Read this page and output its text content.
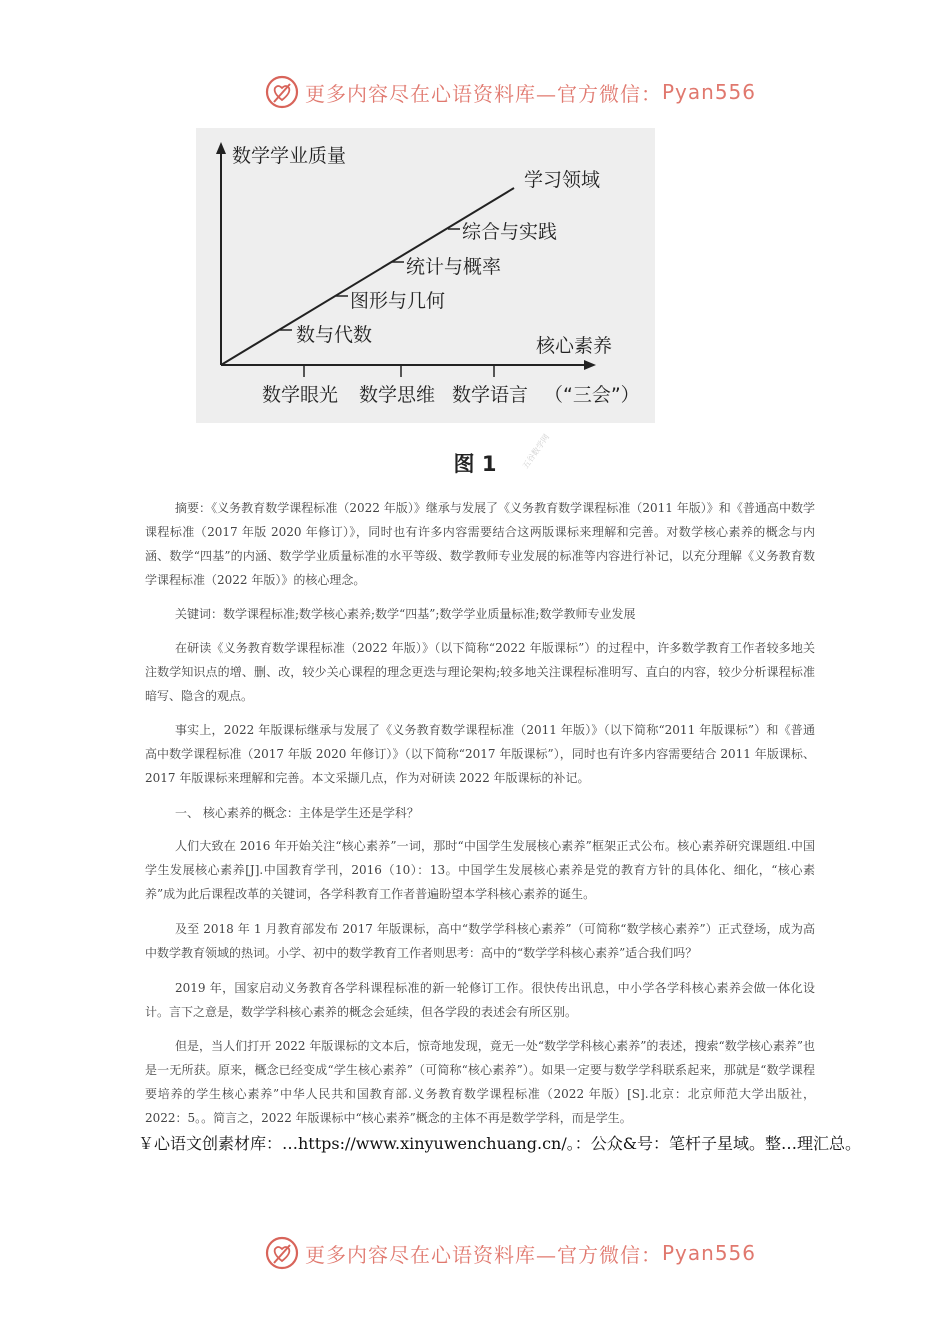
更多内容尽在心语资料库—官方微信： Pyan556
数学学业质量
学习领域
数与代数
图形与几何
统计与概率
综合与实践
核心素养
数学眼光 数学思维 数学语言 （“三会”）
图 1	五谷数学网

摘要：《义务教育数学课程标准（2022 年版）》继承与发展了《义务教育数学课程标准（2011 年版）》和《普通高中数学课程标准（2017 年版 2020 年修订）》，同时也有许多内容需要结合这两版课标来理解和完善。对数学核心素养的概念与内涵、数学“四基”的内涵、数学学业质量标准的水平等级、数学教师专业发展的标准等内容进行补记，以充分理解《义务教育数学课程标准（2022 年版）》的核心理念。

关键词：数学课程标准;数学核心素养;数学“四基”;数学学业质量标准;数学教师专业发展

在研读《义务教育数学课程标准（2022 年版）》（以下简称“2022 年版课标”）的过程中，许多数学教育工作者较多地关注数学知识点的增、删、改，较少关心课程的理念更迭与理论架构;较多地关注课程标准明写、直白的内容，较少分析课程标准暗写、隐含的观点。

事实上，2022 年版课标继承与发展了《义务教育数学课程标准（2011 年版）》（以下简称“2011 年版课标”）和《普通高中数学课程标准（2017 年版 2020 年修订）》（以下简称“2017 年版课标”），同时也有许多内容需要结合 2011 年版课标、2017 年版课标来理解和完善。本文采撷几点，作为对研读 2022 年版课标的补记。

一、 核心素养的概念：主体是学生还是学科？

人们大致在 2016 年开始关注“核心素养”一词，那时“中国学生发展核心素养”框架正式公布。核心素养研究课题组.中国学生发展核心素养[J].中国教育学刊，2016（10）：13。中国学生发展核心素养是党的教育方针的具体化、细化，“核心素养”成为此后课程改革的关键词，各学科教育工作者普遍盼望本学科核心素养的诞生。

及至 2018 年 1 月教育部发布 2017 年版课标，高中“数学学科核心素养”（可简称“数学核心素养”）正式登场，成为高中数学教育领域的热词。小学、初中的数学教育工作者则思考：高中的“数学学科核心素养”适合我们吗？

2019 年，国家启动义务教育各学科课程标准的新一轮修订工作。很快传出讯息，中小学各学科核心素养会做一体化设计。言下之意是，数学学科核心素养的概念会延续，但各学段的表述会有所区别。

但是，当人们打开 2022 年版课标的文本后，惊奇地发现，竟无一处“数学学科核心素养”的表述，搜索“数学核心素养”也是一无所获。原来，概念已经变成“学生核心素养”（可简称“核心素养”）。如果一定要与数学学科联系起来，那就是“数学课程要培养的学生核心素养”中华人民共和国教育部.义务教育数学课程标准（2022 年版）[S].北京：北京师范大学出版社，2022：5。。简言之，2022 年版课标中“核心素养”概念的主体不再是数学学科，而是学生。

￥心语文创素材库：…https://www.xinyuwenchuang.cn/。：公众&号：笔杆子星域。整…理汇总。
更多内容尽在心语资料库—官方微信： Pyan556
